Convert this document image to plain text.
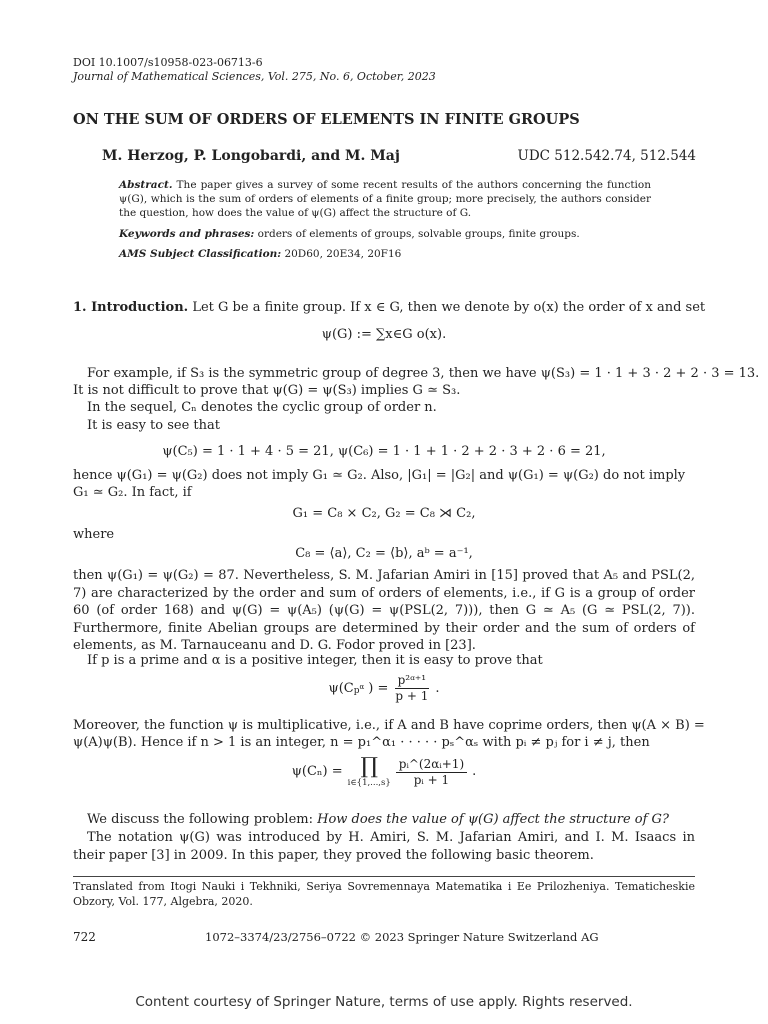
DOI 10.1007/s10958-023-06713-6
Journal of Mathematical Sciences, Vol. 275, No. 6, October, 2023
ON THE SUM OF ORDERS OF ELEMENTS IN FINITE GROUPS
M. Herzog, P. Longobardi, and M. Maj	UDC 512.542.74, 512.544
Abstract. The paper gives a survey of some recent results of the authors concerning the function ψ(G), which is the sum of orders of elements of a finite group; more precisely, the authors consider the question, how does the value of ψ(G) affect the structure of G.
Keywords and phrases: orders of elements of groups, solvable groups, finite groups.
AMS Subject Classification: 20D60, 20E34, 20F16
1. Introduction. Let G be a finite group. If x ∈ G, then we denote by o(x) the order of x and set
ψ(G) := ∑x∈G o(x).
For example, if S₃ is the symmetric group of degree 3, then we have ψ(S₃) = 1 · 1 + 3 · 2 + 2 · 3 = 13.
It is not difficult to prove that ψ(G) = ψ(S₃) implies G ≃ S₃.
In the sequel, Cₙ denotes the cyclic group of order n.
It is easy to see that
ψ(C₅) = 1 · 1 + 4 · 5 = 21, ψ(C₆) = 1 · 1 + 1 · 2 + 2 · 3 + 2 · 6 = 21,
hence ψ(G₁) = ψ(G₂) does not imply G₁ ≃ G₂. Also, |G₁| = |G₂| and ψ(G₁) = ψ(G₂) do not imply
G₁ ≃ G₂. In fact, if
G₁ = C₈ × C₂, G₂ = C₈ ⋊ C₂,
where
C₈ = ⟨a⟩, C₂ = ⟨b⟩, aᵇ = a⁻¹,
then ψ(G₁) = ψ(G₂) = 87. Nevertheless, S. M. Jafarian Amiri in [15] proved that A₅ and PSL(2, 7) are characterized by the order and sum of orders of elements, i.e., if G is a group of order 60 (of order 168) and ψ(G) = ψ(A₅) (ψ(G) = ψ(PSL(2, 7))), then G ≃ A₅ (G ≃ PSL(2, 7)). Furthermore, finite Abelian groups are determined by their order and the sum of orders of elements, as M. Tarnauceanu and D. G. Fodor proved in [23].
If p is a prime and α is a positive integer, then it is easy to prove that
ψ(C $p^\alpha$ ) = $\frac{\text{p²ᵅ⁺¹}}{p + 1}$ .
Moreover, the function ψ is multiplicative, i.e., if A and B have coprime orders, then ψ(A × B) =
ψ(A)ψ(B). Hence if n > 1 is an integer, n = p₁^α₁ · · · · · pₛ^αₛ with pᵢ ≠ pⱼ for i ≠ j, then
ψ(Cₙ) = ∏
i∈{1,...,s} $\frac{\text{pᵢ\textasciicircum{}(2αᵢ+1)}}{\text{pᵢ + 1}}$ .
We discuss the following problem: How does the value of ψ(G) affect the structure of G?
The notation ψ(G) was introduced by H. Amiri, S. M. Jafarian Amiri, and I. M. Isaacs in their paper [3] in 2009. In this paper, they proved the following basic theorem.
Translated from Itogi Nauki i Tekhniki, Seriya Sovremennaya Matematika i Ee Prilozheniya. Tematicheskie Obzory, Vol. 177, Algebra, 2020.
722	1072–3374/23/2756–0722 © 2023 Springer Nature Switzerland AG
Content courtesy of Springer Nature, terms of use apply. Rights reserved.
